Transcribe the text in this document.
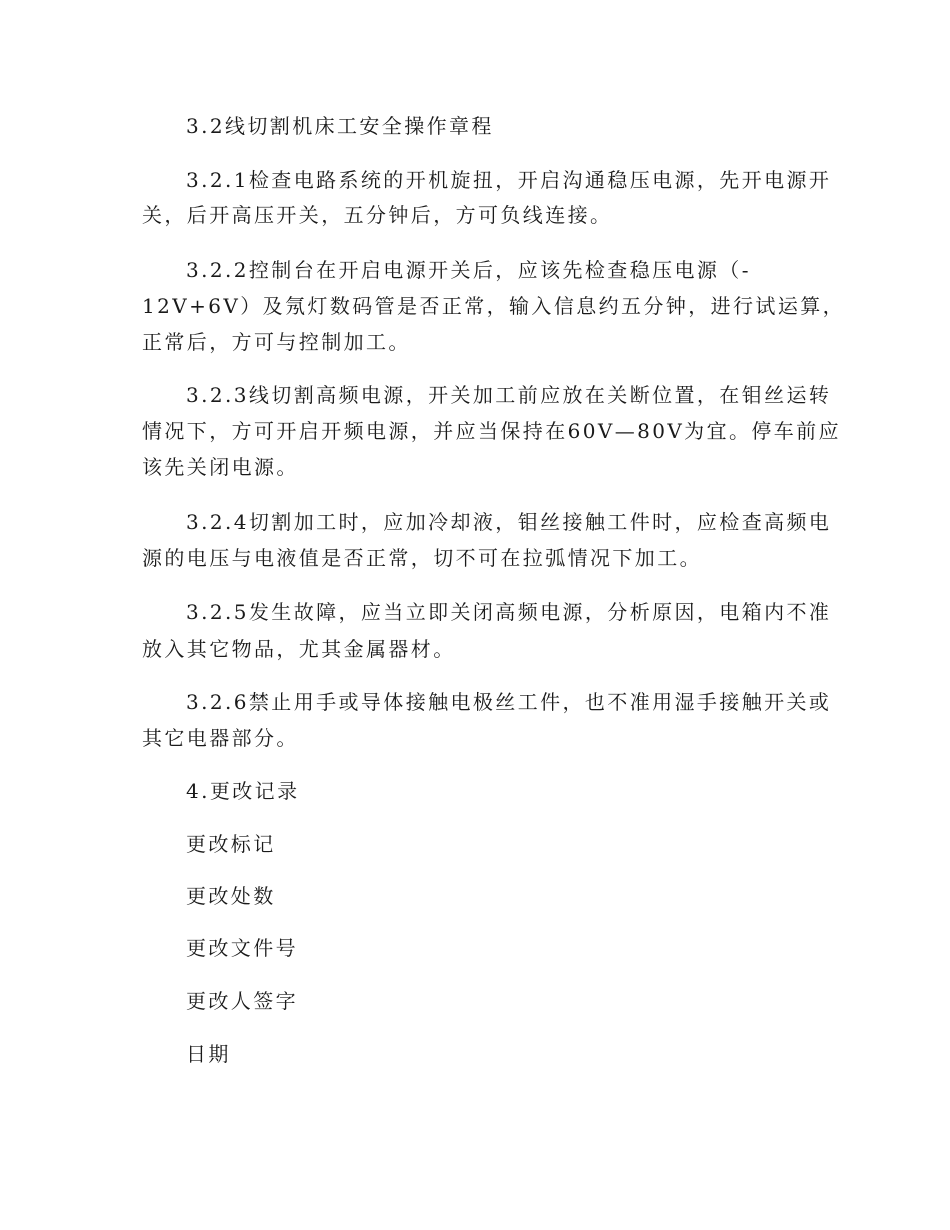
3.2线切割机床工安全操作章程
3.2.1检查电路系统的开机旋扭，开启沟通稳压电源，先开电源开
关，后开高压开关，五分钟后，方可负线连接。
3.2.2控制台在开启电源开关后，应该先检查稳压电源（-
12V+6V）及氖灯数码管是否正常，输入信息约五分钟，进行试运算，
正常后，方可与控制加工。
3.2.3线切割高频电源，开关加工前应放在关断位置，在钼丝运转
情况下，方可开启开频电源，并应当保持在60V—80V为宜。停车前应
该先关闭电源。
3.2.4切割加工时，应加冷却液，钼丝接触工件时，应检查高频电
源的电压与电液值是否正常，切不可在拉弧情况下加工。
3.2.5发生故障，应当立即关闭高频电源，分析原因，电箱内不准
放入其它物品，尤其金属器材。
3.2.6禁止用手或导体接触电极丝工件，也不准用湿手接触开关或
其它电器部分。
4.更改记录
更改标记
更改处数
更改文件号
更改人签字
日期
